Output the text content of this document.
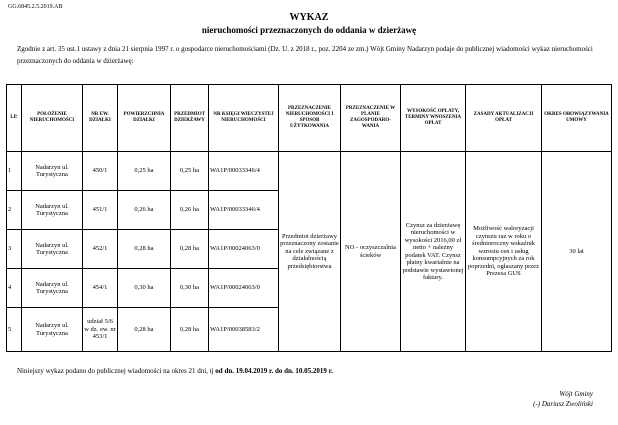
GG.6845.2.5.2019.AB
WYKAZ
nieruchomości przeznaczonych do oddania w dzierżawę
Zgodnie z art. 35 ust.1 ustawy z dnia 21 sierpnia 1997 r. o gospodarce nieruchomościami (Dz. U. z 2018 r., poz. 2204 ze zm.) Wójt Gminy Nadarzyn podaje do publicznej wiadomości wykaz nieruchomości przeznaczonych do oddania w dzierżawę:
LP.	POŁOŻENIE NIERUCHOMOŚCI	NR EW. DZIAŁKI	POWIERZCHNIA DZIAŁKI	PRZEDMIOT DZIERŻAWY	NR KSIĘGI WIECZYSTEJ NIERUCHOMOŚCI	PRZEZNACZENIE NIERUCHOMOŚCI I SPOSOB UŻYTKOWANIA	PRZEZNACZENIE W PLANIE ZAGOSPODARO-WANIA	WYSOKOŚĆ OPŁATY, TERMINY WNOSZENIA OPŁAT	ZASADY AKTUALIZACJI OPŁAT	OKRES OBOWIĄZYWANIA UMOWY
1	Nadarzyn ul. Turystyczna	450/1	0,25 ha	0,25 ha	WA1P/00033346/4	Przedmiot dzierżawy przeznaczony zostanie na cele związane z działalnością przedsiębiorstwa	NO - oczyszczalnia ścieków	Czynsz za dzierżawę nieruchomości w wysokości 2016,00 zł netto + należny podatek VAT. Czynsz płatny kwartalnie na podstawie wystawionej faktury.	Możliwość waloryzacji czynszu raz w roku o średnioroczny wskaźnik wzrostu cen i usług konsumpcyjnych za rok poprzedni, ogłaszany przez Prezesa GUS	30 lat
2	Nadarzyn ul. Turystyczna	451/1	0,26 ha	0,26 ha	WA1P/00033346/4					
3	Nadarzyn ul. Turystyczna	452/1	0,28 ha	0,28 ha	WA1P/00024063/0					
4	Nadarzyn ul. Turystyczna	454/1	0,30 ha	0,30 ha	WA1P/00024063/0					
5	Nadarzyn ul. Turystyczna	udział 5/6 w dz. ew. nr 453/1	0,28 ha	0,28 ha	WA1P/00038583/2					
Niniejszy wykaz podano do publicznej wiadomości na okres 21 dni, tj od dn. 19.04.2019 r. do dn. 10.05.2019 r.
Wójt Gminy
(-) Dariusz Zwoliński
